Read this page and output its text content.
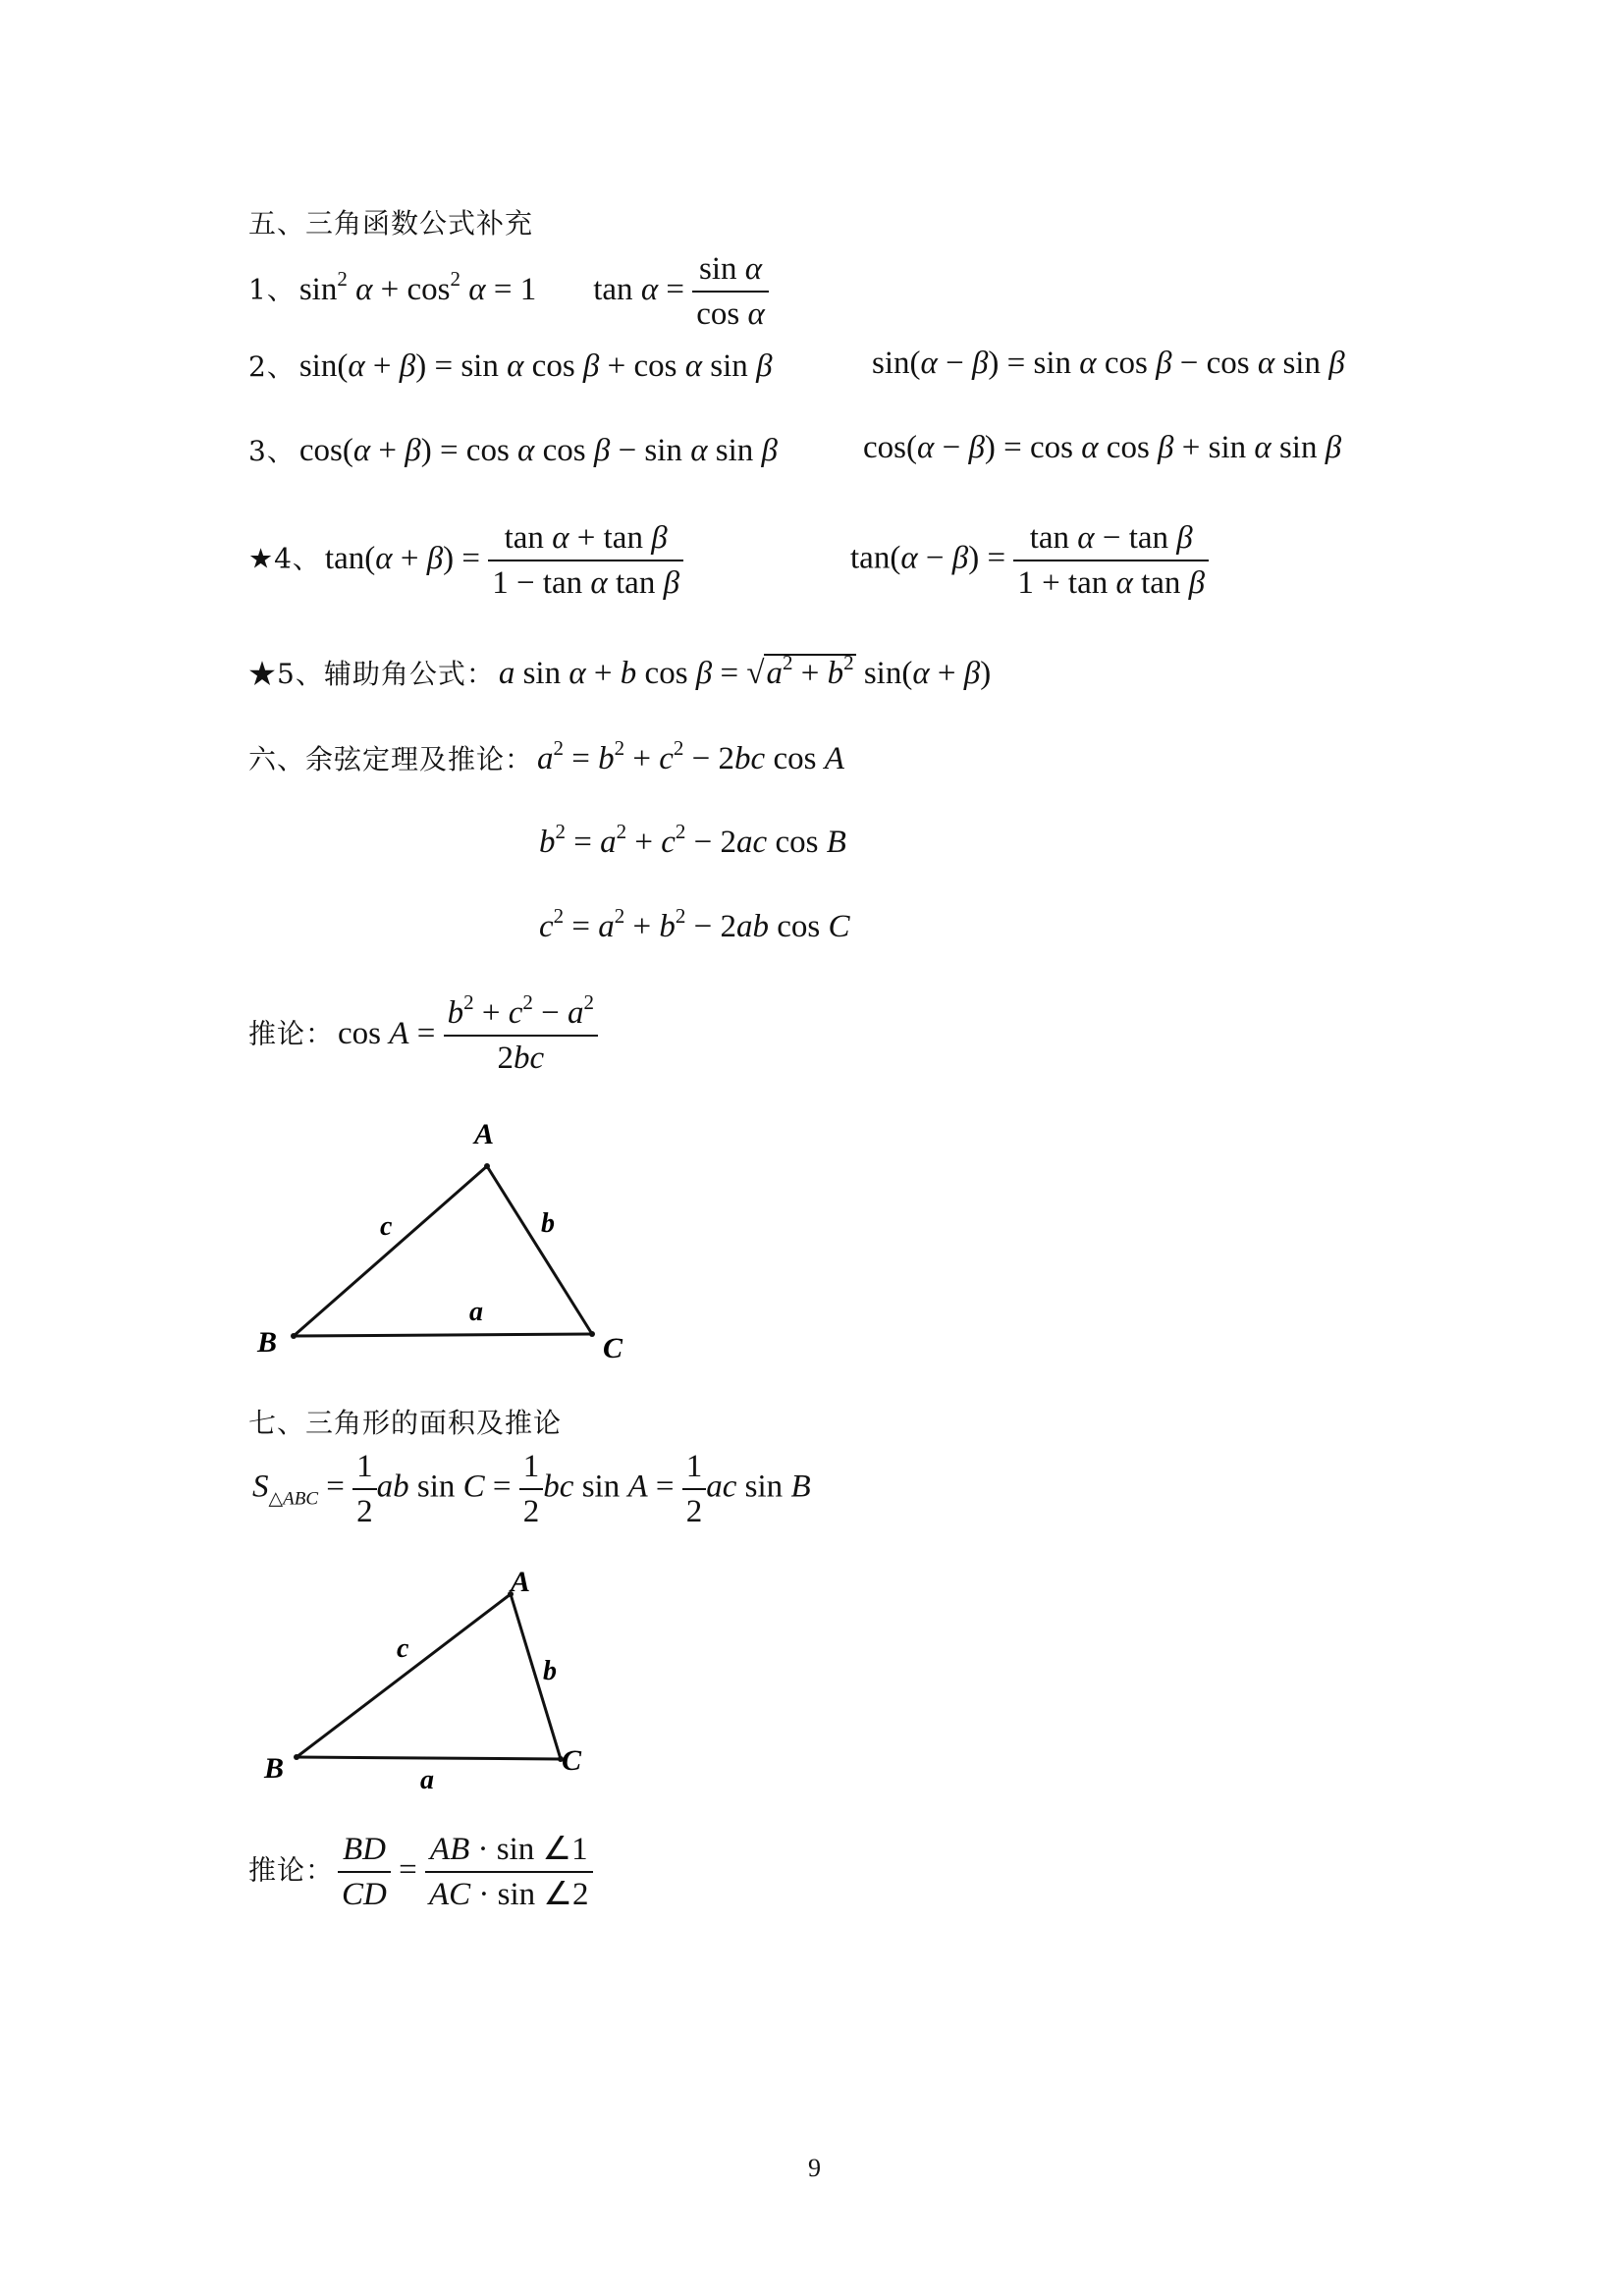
五、三角函数公式补充
1、 $\sin^2 \alpha + \cos^2 \alpha = 1$ $\tan \alpha = \frac{\text{sin α}}{\text{cos α}}$
2、 sin(α + β) = sin α cos β + cos α sin β	sin(α − β) = sin α cos β − cos α sin β
3、 cos(α + β) = cos α cos β − sin α sin β	cos(α − β) = cos α cos β + sin α sin β
★4、 $\tan(\alpha + \beta) = \frac{\text{tan α + tan β}}{\text{1 − tan α tan β}}$	$\tan(\alpha - \beta) = \frac{\text{tan α − tan β}}{\text{1 + tan α tan β}}$
★5、辅助角公式： a sin α + b $\cos \beta = √a^2 + b^2$ sin(α + β)
六、余弦定理及推论： $a^2 = b^2 + c^2 - 2bc$ cos A
$b^2 = a^2 + c^2 - 2ac$ cos B
$c^2 = a^2 + b^2 - 2ab$ cos C
推论： $\cos A = \frac{b^2 + c^2 - a^2}{2bc}$
A
B	C
c	b
a
七、三角形的面积及推论
$S_{\triangle ABC} = \frac{1}{2}$ ab $\sin C = \frac{1}{2}$ bc $\sin A = \frac{1}{2}$ ac sin B
A
B	C
c
b
a
推论： $\frac{BD}{CD} = \frac{AB \cdot \sin \angle 1}{AC \cdot \sin \angle 2}$
9
